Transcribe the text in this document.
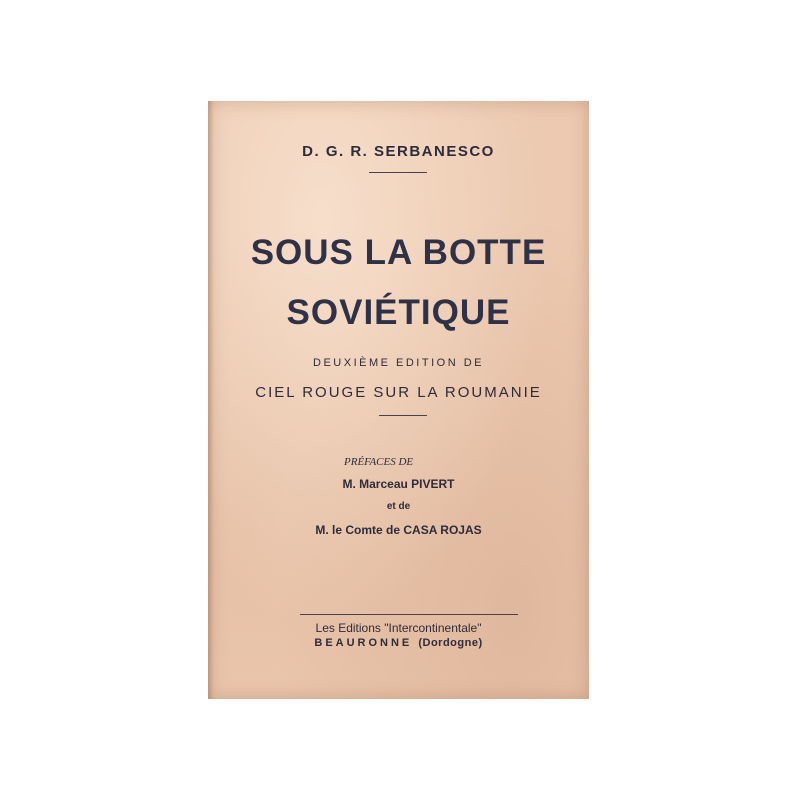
D. G. R. SERBANESCO
SOUS LA BOTTE
SOVIÉTIQUE
DEUXIÈME EDITION DE
CIEL ROUGE SUR LA ROUMANIE
PRÉFACES DE
M. Marceau PIVERT
et de
M. le Comte de CASA ROJAS
Les Editions "Intercontinentale"
BEAURONNE (Dordogne)
